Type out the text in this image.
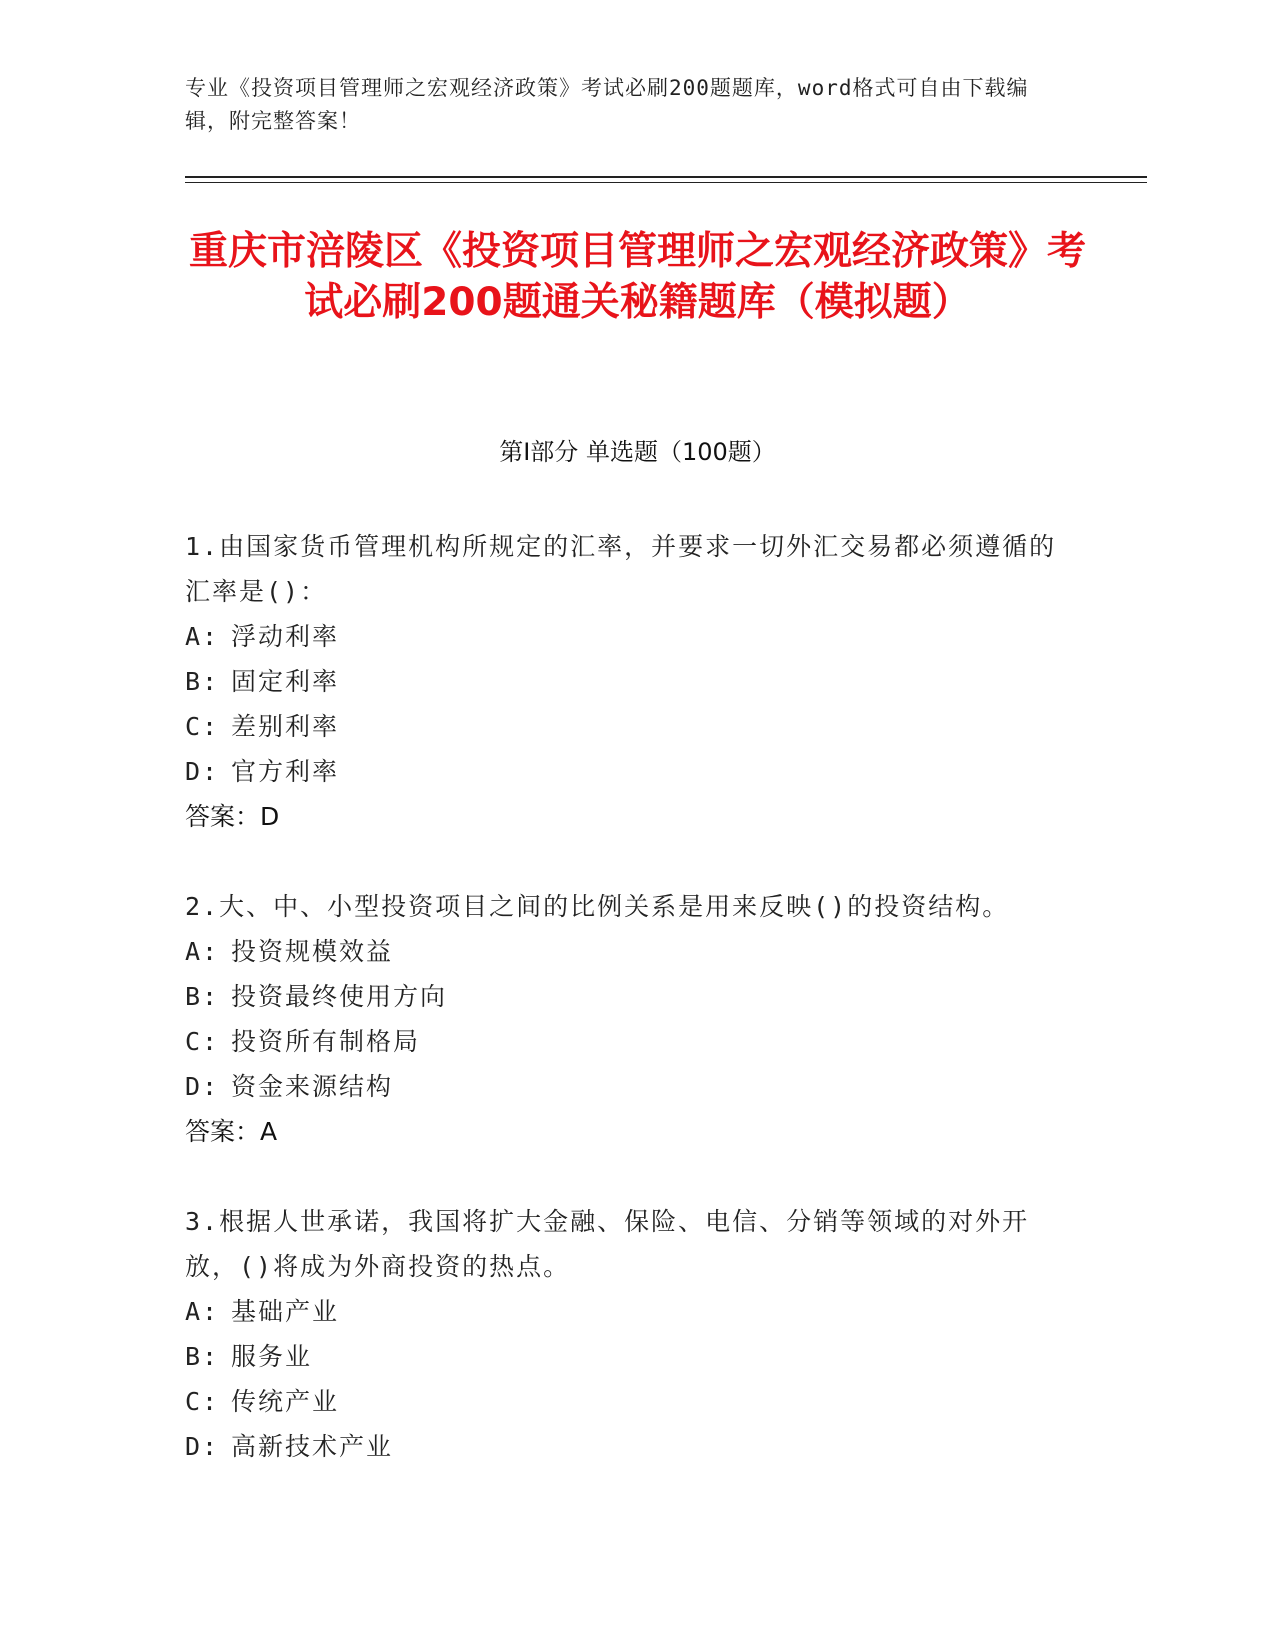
专业《投资项目管理师之宏观经济政策》考试必刷200题题库，word格式可自由下载编辑，附完整答案！
重庆市涪陵区《投资项目管理师之宏观经济政策》考试必刷200题通关秘籍题库（模拟题）
第I部分 单选题（100题）
1.由国家货币管理机构所规定的汇率，并要求一切外汇交易都必须遵循的汇率是()：
A: 浮动利率
B: 固定利率
C: 差别利率
D: 官方利率
答案：D
2.大、中、小型投资项目之间的比例关系是用来反映()的投资结构。
A: 投资规模效益
B: 投资最终使用方向
C: 投资所有制格局
D: 资金来源结构
答案：A
3.根据人世承诺，我国将扩大金融、保险、电信、分销等领域的对外开放，()将成为外商投资的热点。
A: 基础产业
B: 服务业
C: 传统产业
D: 高新技术产业
